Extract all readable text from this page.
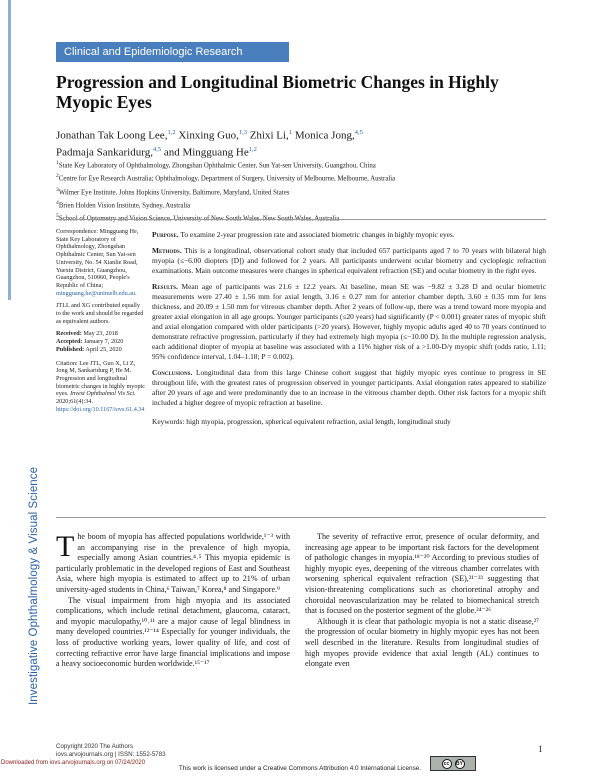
Investigative Ophthalmology & Visual Science
Clinical and Epidemiologic Research
Progression and Longitudinal Biometric Changes in Highly Myopic Eyes
Jonathan Tak Loong Lee,$^{1,2}$ Xinxing Guo,$^{1,3}$ Zhixi Li,$^1$ Monica Jong,$^{4,5}$
Padmaja Sankaridurg,$^{4,5}$ and Mingguang He$^{1,2}$
$^1$State Key Laboratory of Ophthalmology, Zhongshan Ophthalmic Center, Sun Yat-sen University, Guangzhou, China
$^2$Centre for Eye Research Australia; Ophthalmology, Department of Surgery, University of Melbourne, Melbourne, Australia
$^3$Wilmer Eye Institute, Johns Hopkins University, Baltimore, Maryland, United States
$^4$Brien Holden Vision Institute, Sydney, Australia
$^5$School of Optometry and Vision Science, University of New South Wales, New South Wales, Australia

Correspondence: Mingguang He, State Key Laboratory of Ophthalmology, Zhongshan Ophthalmic Center, Sun Yat-sen University, No. 54 Xianlie Road, Yuexiu District, Guangzhou, Guangzhou, 510060, People's Republic of China; mingguang.he@unimelb.edu.au.

JTLL and XG contributed equally to the work and should be regarded as equivalent authors.

Received: May 23, 2018
Accepted: January 7, 2020
Published: April 25, 2020

Citation: Lee JTL, Guo X, Li Z, Jong M, Sankaridurg P, He M. Progression and longitudinal biometric changes in highly myopic eyes. Invest Ophthalmol Vis Sci. 2020;61(4):34.
https://doi.org/10.1167/iovs.61.4.34

Purpose. To examine 2-year progression rate and associated biometric changes in highly myopic eyes.

Methods. This is a longitudinal, observational cohort study that included 657 participants aged 7 to 70 years with bilateral high myopia (≤−6.00 diopters [D]) and followed for 2 years. All participants underwent ocular biometry and cycloplegic refraction examinations. Main outcome measures were changes in spherical equivalent refraction (SE) and ocular biometry in the right eyes.

Results. Mean age of participants was 21.6 ± 12.2 years. At baseline, mean SE was −9.82 ± 3.28 D and ocular biometric measurements were 27.40 ± 1.56 mm for axial length, 3.16 ± 0.27 mm for anterior chamber depth, 3.60 ± 0.35 mm for lens thickness, and 20.09 ± 1.50 mm for vitreous chamber depth. After 2 years of follow-up, there was a trend toward more myopia and greater axial elongation in all age groups. Younger participants (≤20 years) had significantly (P < 0.001) greater rates of myopic shift and axial elongation compared with older participants (>20 years). However, highly myopic adults aged 40 to 70 years continued to demonstrate refractive progression, particularly if they had extremely high myopia (≤−10.00 D). In the multiple regression analysis, each additional diopter of myopia at baseline was associated with a 11% higher risk of a >1.00-D/y myopic shift (odds ratio, 1.11; 95% confidence interval, 1.04–1.18; P = 0.002).

Conclusions. Longitudinal data from this large Chinese cohort suggest that highly myopic eyes continue to progress in SE throughout life, with the greatest rates of progression observed in younger participants. Axial elongation rates appeared to stabilize after 20 years of age and were predominantly due to an increase in the vitreous chamber depth. Other risk factors for a myopic shift included a higher degree of myopic refraction at baseline.

Keywords: high myopia, progression, spherical equivalent refraction, axial length, longitudinal study

The boom of myopia has affected populations worldwide,¹⁻³ with an accompanying rise in the prevalence of high myopia, especially among Asian countries.⁴˒⁵ This myopia epidemic is particularly problematic in the developed regions of East and Southeast Asia, where high myopia is estimated to affect up to 21% of urban university-aged students in China,⁶ Taiwan,⁷ Korea,⁸ and Singapore.⁹

The visual impairment from high myopia and its associated complications, which include retinal detachment, glaucoma, cataract, and myopic maculopathy,¹⁰˒¹¹ are a major cause of legal blindness in many developed countries.¹²⁻¹⁴ Especially for younger individuals, the loss of productive working years, lower quality of life, and cost of correcting refractive error have large financial implications and impose a heavy socioeconomic burden worldwide.¹⁵⁻¹⁷

The severity of refractive error, presence of ocular deformity, and increasing age appear to be important risk factors for the development of pathologic changes in myopia.¹⁸⁻²⁰ According to previous studies of highly myopic eyes, deepening of the vitreous chamber correlates with worsening spherical equivalent refraction (SE),²¹⁻²³ suggesting that vision-threatening complications such as chorioretinal atrophy and choroidal neovascularization may be related to biomechanical stretch that is focused on the posterior segment of the globe.²⁴⁻²⁶

Although it is clear that pathologic myopia is not a static disease,²⁷ the progression of ocular biometry in highly myopic eyes has not been well described in the literature. Results from longitudinal studies of high myopes provide evidence that axial length (AL) continues to elongate even

Copyright 2020 The Authors
iovs.arvojournals.org | ISSN: 1552-5783
1
cc	BY
This work is licensed under a Creative Commons Attribution 4.0 International License.
Downloaded from iovs.arvojournals.org on 07/24/2020
